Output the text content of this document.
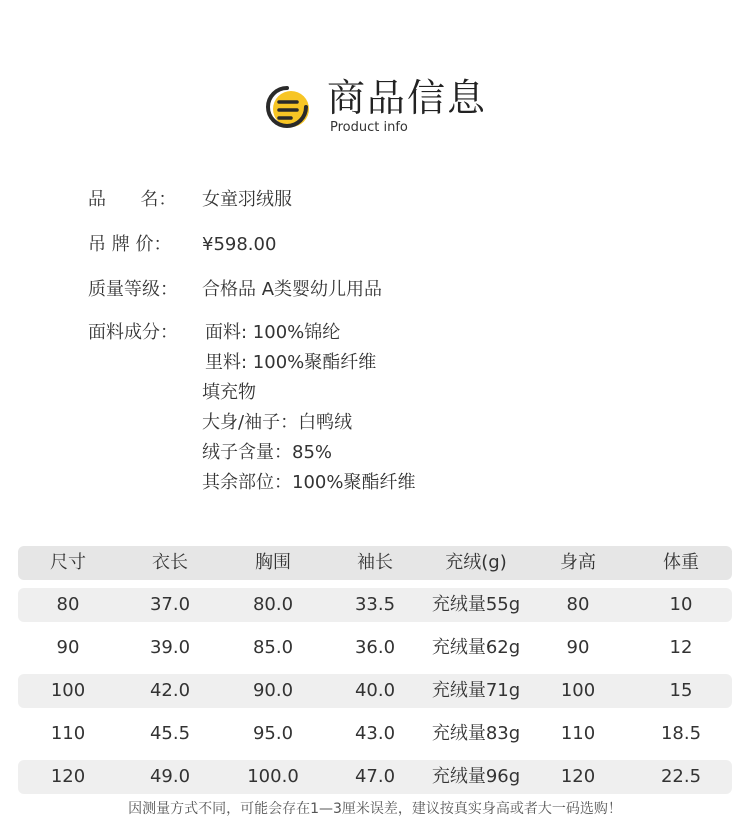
商品信息
Product info
品      名： 女童羽绒服
吊 牌 价： ¥598.00
质量等级： 合格品 A类婴幼儿用品
面料成分： 面料: 100%锦纶
里料: 100%聚酯纤维
填充物
大身/袖子：白鸭绒
绒子含量：85%
其余部位：100%聚酯纤维
尺寸	衣长	胸围	袖长	充绒(g)	身高	体重
80	37.0	80.0	33.5	充绒量55g	80	10
90	39.0	85.0	36.0	充绒量62g	90	12
100	42.0	90.0	40.0	充绒量71g	100	15
110	45.5	95.0	43.0	充绒量83g	110	18.5
120	49.0	100.0	47.0	充绒量96g	120	22.5
因测量方式不同，可能会存在1—3厘米误差，建议按真实身高或者大一码选购！
